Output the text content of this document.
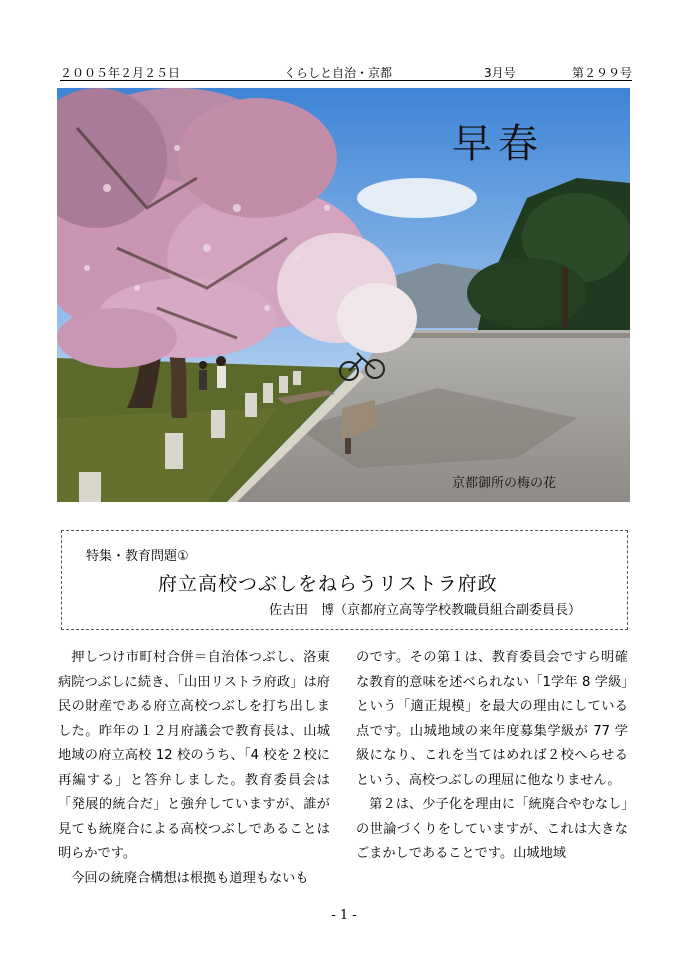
２００５年２月２５日	くらしと自治・京都	3月号	第２９９号
早春
京都御所の梅の花
特集・教育問題①
府立高校つぶしをねらうリストラ府政
佐古田　博（京都府立高等学校教職員組合副委員長）

押しつけ市町村合併＝自治体つぶし、洛東病院つぶしに続き、「山田リストラ府政」は府民の財産である府立高校つぶしを打ち出しました。昨年の１２月府議会で教育長は、山城地域の府立高校 12 校のうち、「4 校を２校に再編する」と答弁しました。教育委員会は「発展的統合だ」と強弁していますが、誰が見ても統廃合による高校つぶしであることは明らかです。

今回の統廃合構想は根拠も道理もないも

のです。その第１は、教育委員会ですら明確な教育的意味を述べられない「1学年 8 学級」という「適正規模」を最大の理由にしている点です。山城地域の来年度募集学級が 77 学級になり、これを当てはめれば２校へらせるという、高校つぶしの理屈に他なりません。

第２は、少子化を理由に「統廃合やむなし」の世論づくりをしていますが、これは大きなごまかしであることです。山城地域

- 1 -
